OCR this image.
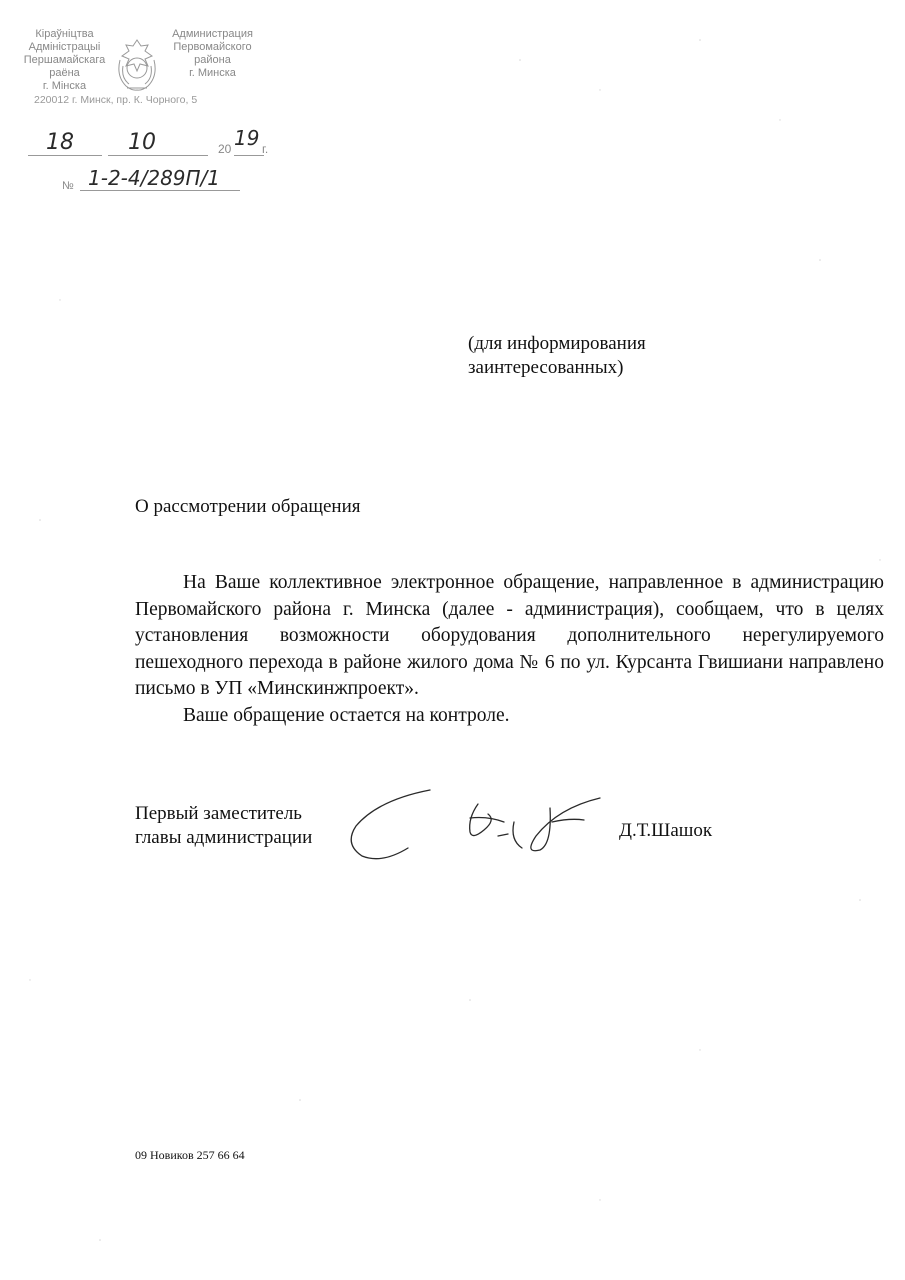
Кіраўніцтва
Адміністрацыі
Першамайскага
раёна
г. Мінска
Администрация
Первомайского
района
г. Минска
220012 г. Минск, пр. К. Чорного, 5
18 10	20 19 г.
№ 1-2-4/289П/1
(для информирования
заинтересованных)
О рассмотрении обращения

На Ваше коллективное электронное обращение, направленное в администрацию Первомайского района г. Минска (далее - администрация), сообщаем, что в целях установления возможности оборудования дополнительного нерегулируемого пешеходного перехода в районе жилого дома № 6 по ул. Курсанта Гвишиани направлено письмо в УП «Минскинжпроект».

Ваше обращение остается на контроле.

Первый заместитель
главы администрации	Д.Т.Шашок
09 Новиков 257 66 64
